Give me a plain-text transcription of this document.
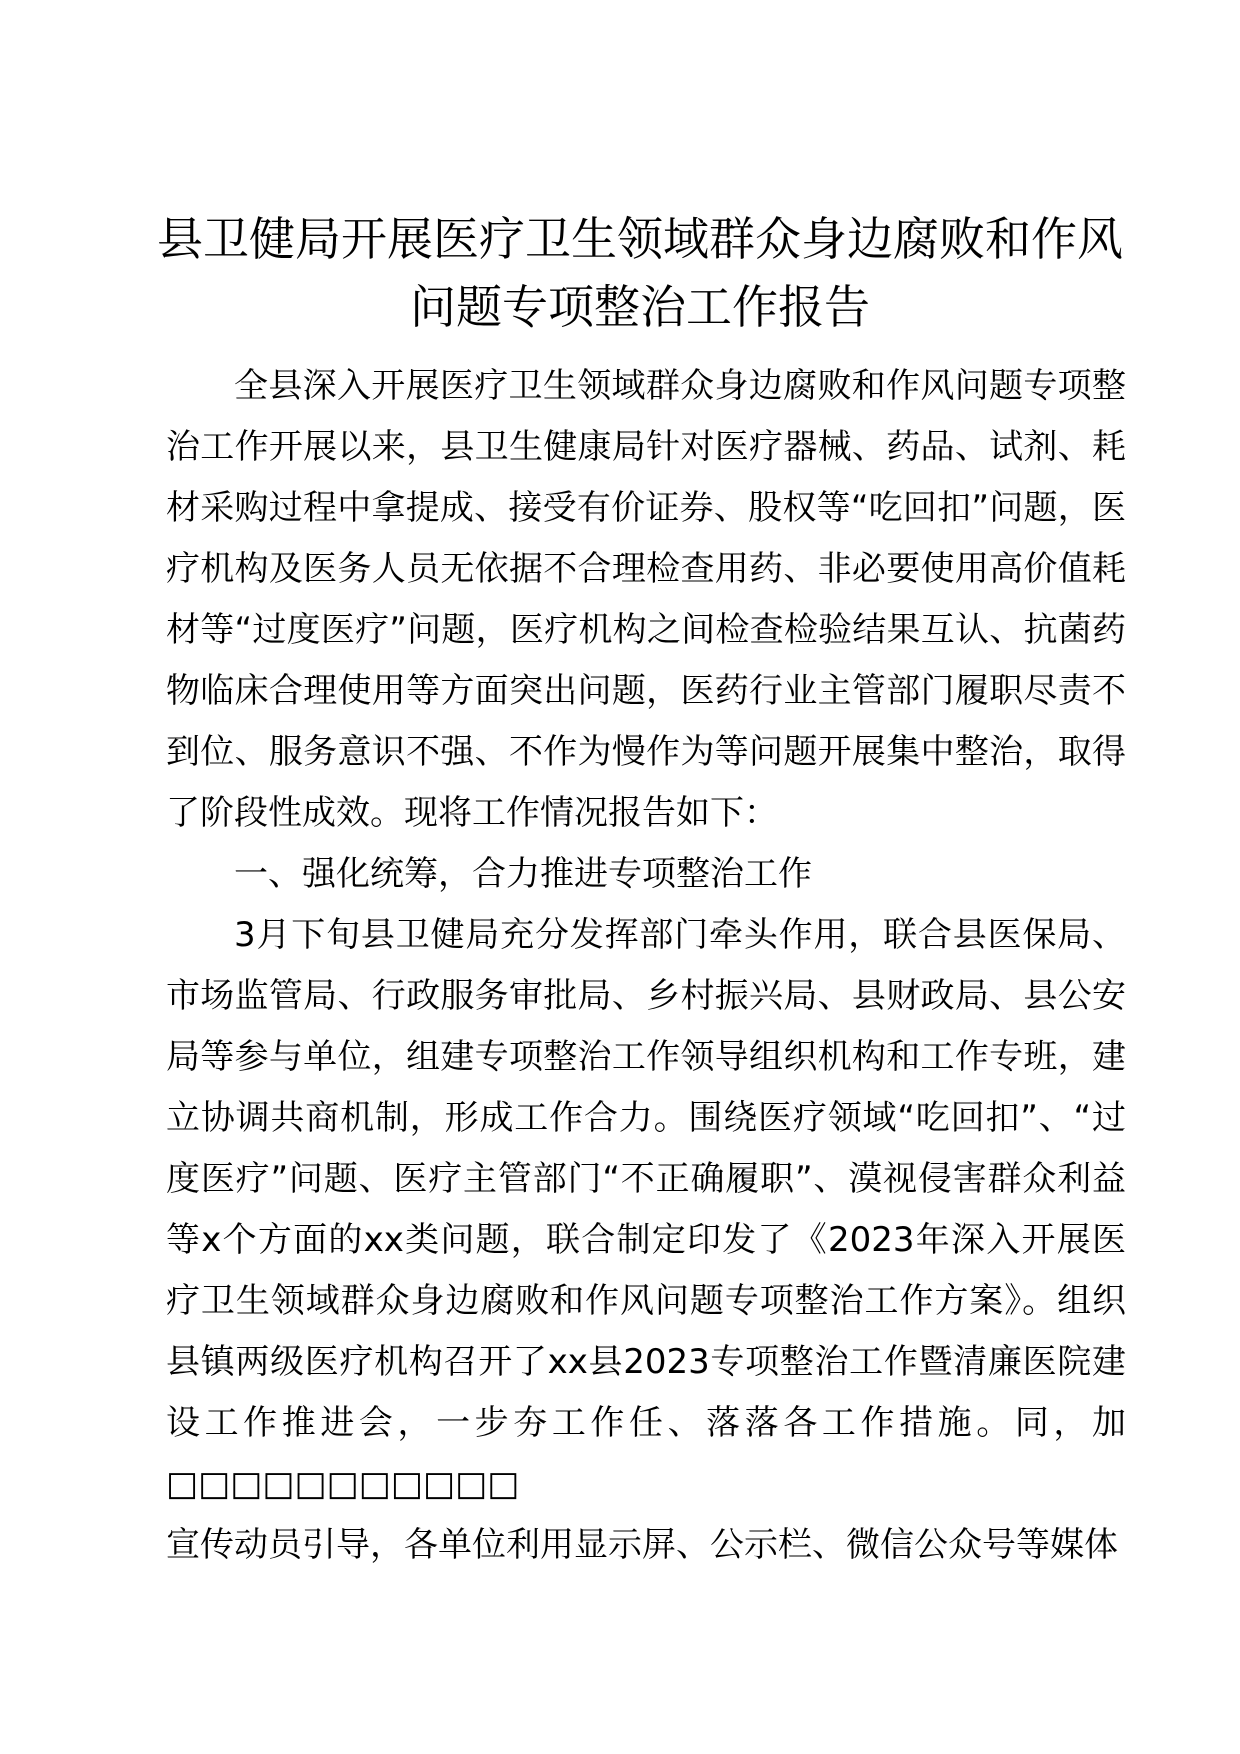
县卫健局开展医疗卫生领域群众身边腐败和作风
问题专项整治工作报告

全县深入开展医疗卫生领域群众身边腐败和作风问题专项整治工作开展以来，县卫生健康局针对医疗器械、药品、试剂、耗材采购过程中拿提成、接受有价证券、股权等“吃回扣”问题，医疗机构及医务人员无依据不合理检查用药、非必要使用高价值耗材等“过度医疗”问题，医疗机构之间检查检验结果互认、抗菌药物临床合理使用等方面突出问题，医药行业主管部门履职尽责不到位、服务意识不强、不作为慢作为等问题开展集中整治，取得了阶段性成效。现将工作情况报告如下：

一、强化统筹，合力推进专项整治工作

3月下旬县卫健局充分发挥部门牵头作用，联合县医保局、市场监管局、行政服务审批局、乡村振兴局、县财政局、县公安局等参与单位，组建专项整治工作领导组织机构和工作专班，建立协调共商机制，形成工作合力。围绕医疗领域“吃回扣”、“过度医疗”问题、医疗主管部门“不正确履职”、漠视侵害群众利益等x个方面的xx类问题，联合制定印发了《2023年深入开展医疗卫生领域群众身边腐败和作风问题专项整治工作方案》。组织县镇两级医疗机构召开了xx县2023专项整治工作暨清廉医院建设工作推进会，一步夯工作任、落落各工作措施。同，加□□□□□□□□□□□

宣传动员引导，各单位利用显示屏、公示栏、微信公众号等媒体
